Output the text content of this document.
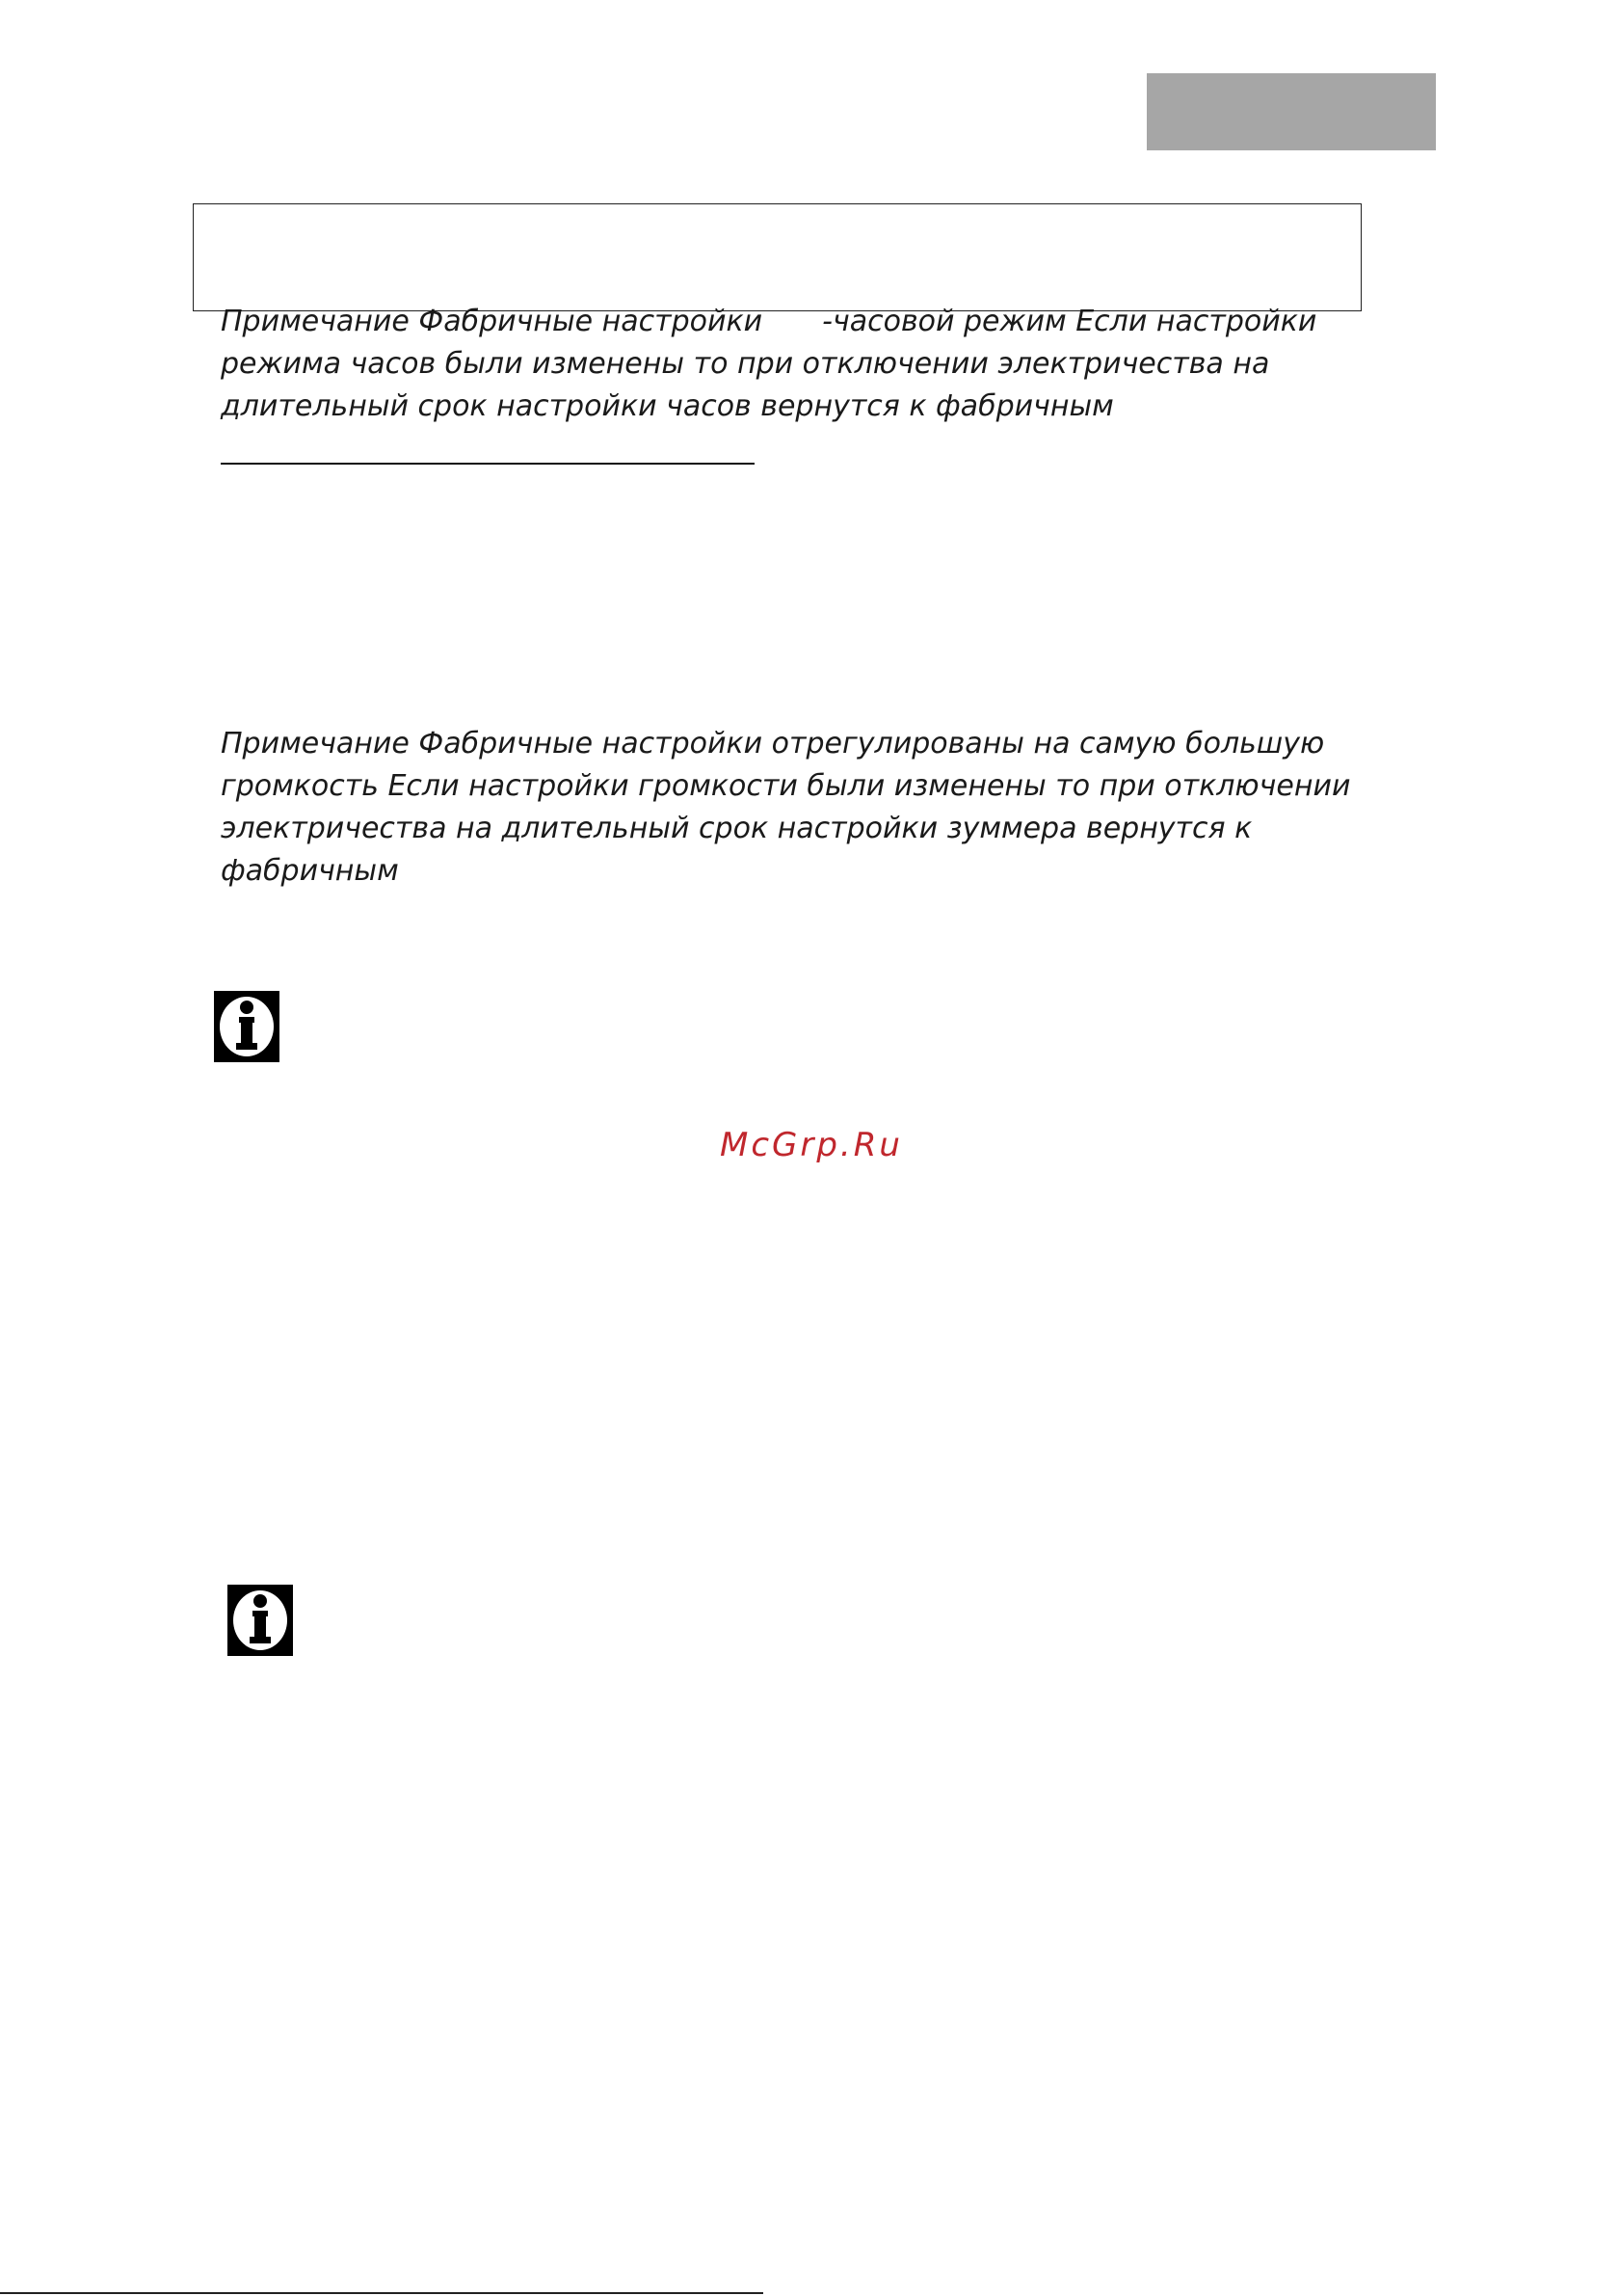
Примечание Фабричные настройки -часовой режим Если настройки
режима часов были изменены то при отключении электричества на
длительный срок настройки часов вернутся к фабричным
Примечание Фабричные настройки отрегулированы на самую большую
громкость Если настройки громкости были изменены то при отключении
электричества на длительный срок настройки зуммера вернутся к
фабричным
McGrp.Ru
